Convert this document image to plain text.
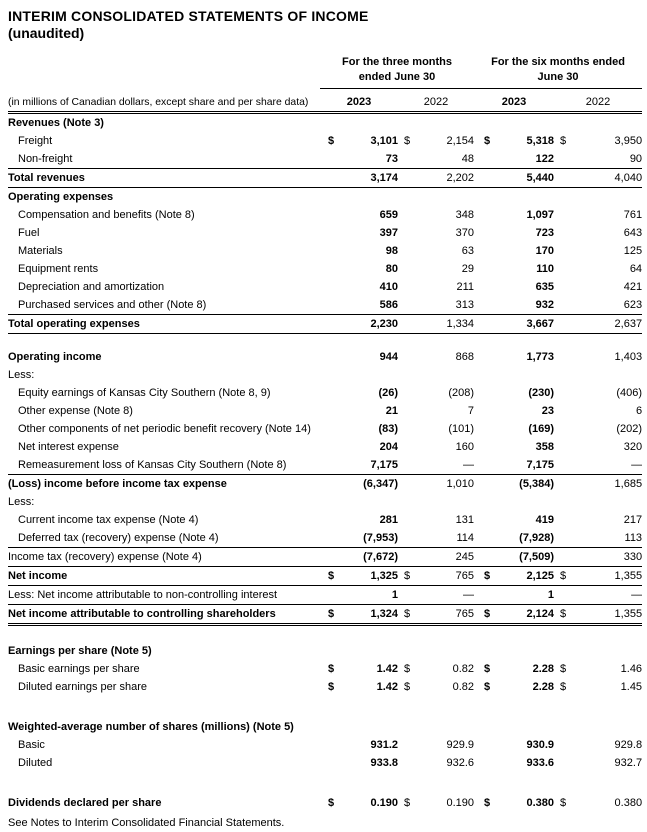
INTERIM CONSOLIDATED STATEMENTS OF INCOME
(unaudited)

	For the three months
ended June 30				For the six months ended
June 30			

(in millions of Canadian dollars, except share and per share data)	2023		2022		2023		2022	
Revenues (Note 3)								
Freight	$	3,101	$	2,154	$	5,318	$	3,950
Non-freight		73		48		122		90
Total revenues		3,174		2,202		5,440		4,040
Operating expenses								
Compensation and benefits (Note 8)		659		348		1,097		761
Fuel		397		370		723		643
Materials		98		63		170		125
Equipment rents		80		29		110		64
Depreciation and amortization		410		211		635		421
Purchased services and other (Note 8)		586		313		932		623
Total operating expenses		2,230		1,334		3,667		2,637

Operating income		944		868		1,773		1,403
Less:								
Equity earnings of Kansas City Southern (Note 8, 9)		(26)		(208)		(230)		(406)
Other expense (Note 8)		21		7		23		6
Other components of net periodic benefit recovery (Note 14)		(83)		(101)		(169)		(202)
Net interest expense		204		160		358		320
Remeasurement loss of Kansas City Southern (Note 8)		7,175		—		7,175		—
(Loss) income before income tax expense		(6,347)		1,010		(5,384)		1,685
Less:								
Current income tax expense (Note 4)		281		131		419		217
Deferred tax (recovery) expense (Note 4)		(7,953)		114		(7,928)		113
Income tax (recovery) expense (Note 4)		(7,672)		245		(7,509)		330
Net income	$	1,325	$	765	$	2,125	$	1,355
Less: Net income attributable to non-controlling interest		1		—		1		—
Net income attributable to controlling shareholders	$	1,324	$	765	$	2,124	$	1,355

Earnings per share (Note 5)								
Basic earnings per share	$	1.42	$	0.82	$	2.28	$	1.46
Diluted earnings per share	$	1.42	$	0.82	$	2.28	$	1.45

Weighted-average number of shares (millions) (Note 5)								
Basic		931.2		929.9		930.9		929.8
Diluted		933.8		932.6		933.6		932.7

Dividends declared per share	$	0.190	$	0.190	$	0.380	$	0.380
See Notes to Interim Consolidated Financial Statements.
